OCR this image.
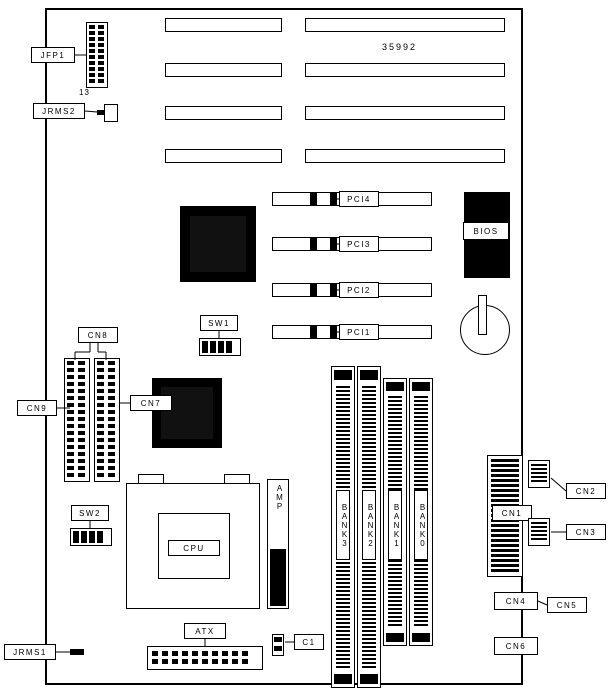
35992
JFP1
13
JRMS2
PCI4
PCI3
PCI2
PCI1
BIOS
SW1
SW2
CN9
CN8
CN7
CPU
AMP
ATX
C1
JRMS1
BANK3	BANK2	BANK1	BANK0	CN1
CN2
CN3
CN4	CN5
CN6
